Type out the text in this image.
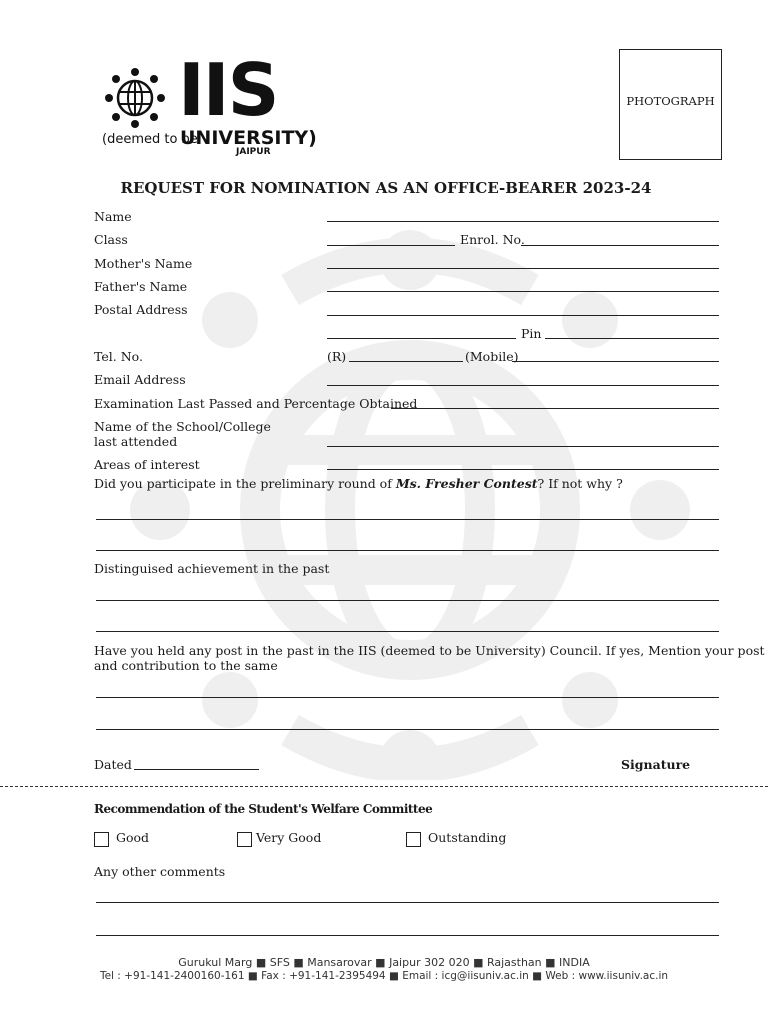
IIS
(deemed to be
UNIVERSITY)
JAIPUR
PHOTOGRAPH
REQUEST FOR NOMINATION AS AN OFFICE-BEARER 2023-24
Name
Class	Enrol. No.
Mother's Name
Father's Name
Postal Address
Pin
Tel. No.	(R)	(Mobile)
Email Address
Examination Last Passed and Percentage Obtained
Name of the School/College
last attended
Areas of interest
Did you participate in the preliminary round of Ms. Fresher Contest? If not why ?
Distinguised achievement in the past
Have you held any post in the past in the IIS (deemed to be University) Council. If yes, Mention your post
and contribution to the same
Dated	Signature
Recommendation of the Student's Welfare Committee
Good	Very Good	Outstanding
Any other comments
Gurukul Marg ■ SFS ■ Mansarovar ■ Jaipur 302 020 ■ Rajasthan ■ INDIA
Tel : +91-141-2400160-161 ■ Fax : +91-141-2395494 ■ Email : icg@iisuniv.ac.in ■ Web : www.iisuniv.ac.in
